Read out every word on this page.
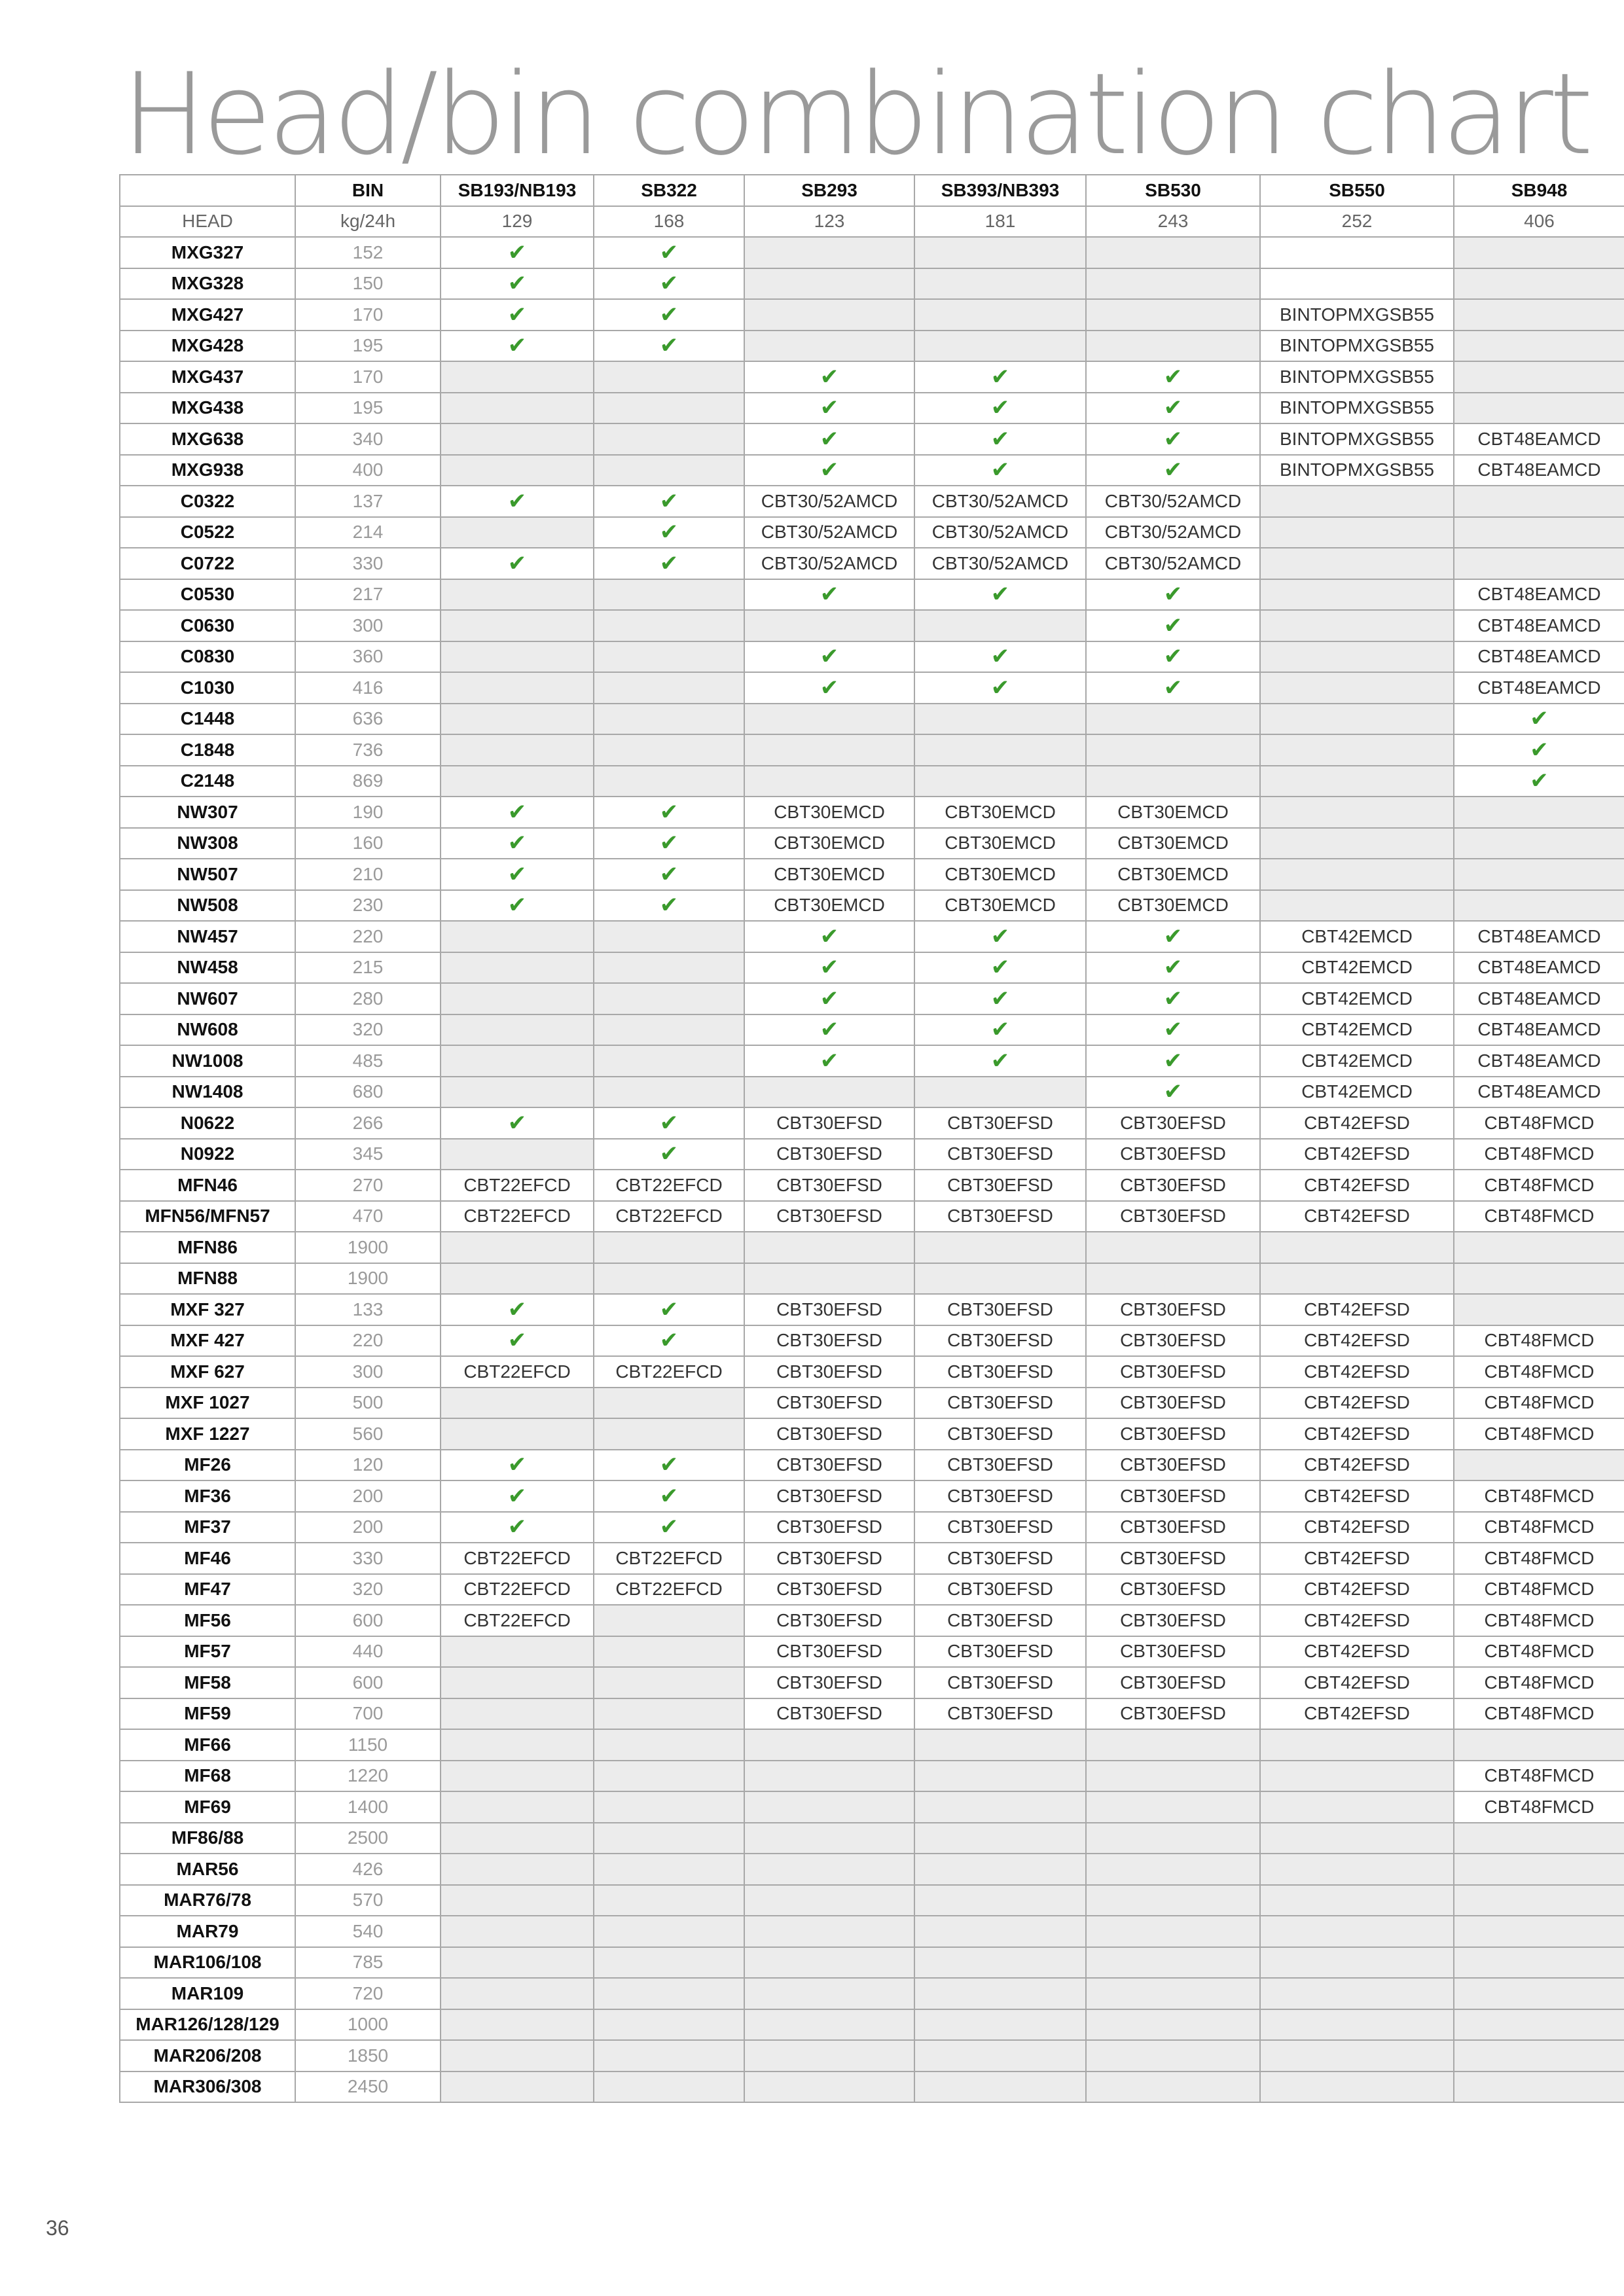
Head/bin combination chart
	BIN	SB193/NB193	SB322	SB293	SB393/NB393	SB530	SB550	SB948
HEAD	kg/24h	129	168	123	181	243	252	406
MXG327	152	✔	✔					
MXG328	150	✔	✔					
MXG427	170	✔	✔				BINTOPMXGSB55	
MXG428	195	✔	✔				BINTOPMXGSB55	
MXG437	170			✔	✔	✔	BINTOPMXGSB55	
MXG438	195			✔	✔	✔	BINTOPMXGSB55	
MXG638	340			✔	✔	✔	BINTOPMXGSB55	CBT48EAMCD
MXG938	400			✔	✔	✔	BINTOPMXGSB55	CBT48EAMCD
C0322	137	✔	✔	CBT30/52AMCD	CBT30/52AMCD	CBT30/52AMCD		
C0522	214		✔	CBT30/52AMCD	CBT30/52AMCD	CBT30/52AMCD		
C0722	330	✔	✔	CBT30/52AMCD	CBT30/52AMCD	CBT30/52AMCD		
C0530	217			✔	✔	✔		CBT48EAMCD
C0630	300					✔		CBT48EAMCD
C0830	360			✔	✔	✔		CBT48EAMCD
C1030	416			✔	✔	✔		CBT48EAMCD
C1448	636							✔
C1848	736							✔
C2148	869							✔
NW307	190	✔	✔	CBT30EMCD	CBT30EMCD	CBT30EMCD		
NW308	160	✔	✔	CBT30EMCD	CBT30EMCD	CBT30EMCD		
NW507	210	✔	✔	CBT30EMCD	CBT30EMCD	CBT30EMCD		
NW508	230	✔	✔	CBT30EMCD	CBT30EMCD	CBT30EMCD		
NW457	220			✔	✔	✔	CBT42EMCD	CBT48EAMCD
NW458	215			✔	✔	✔	CBT42EMCD	CBT48EAMCD
NW607	280			✔	✔	✔	CBT42EMCD	CBT48EAMCD
NW608	320			✔	✔	✔	CBT42EMCD	CBT48EAMCD
NW1008	485			✔	✔	✔	CBT42EMCD	CBT48EAMCD
NW1408	680					✔	CBT42EMCD	CBT48EAMCD
N0622	266	✔	✔	CBT30EFSD	CBT30EFSD	CBT30EFSD	CBT42EFSD	CBT48FMCD
N0922	345		✔	CBT30EFSD	CBT30EFSD	CBT30EFSD	CBT42EFSD	CBT48FMCD
MFN46	270	CBT22EFCD	CBT22EFCD	CBT30EFSD	CBT30EFSD	CBT30EFSD	CBT42EFSD	CBT48FMCD
MFN56/MFN57	470	CBT22EFCD	CBT22EFCD	CBT30EFSD	CBT30EFSD	CBT30EFSD	CBT42EFSD	CBT48FMCD
MFN86	1900							
MFN88	1900							
MXF 327	133	✔	✔	CBT30EFSD	CBT30EFSD	CBT30EFSD	CBT42EFSD	
MXF 427	220	✔	✔	CBT30EFSD	CBT30EFSD	CBT30EFSD	CBT42EFSD	CBT48FMCD
MXF 627	300	CBT22EFCD	CBT22EFCD	CBT30EFSD	CBT30EFSD	CBT30EFSD	CBT42EFSD	CBT48FMCD
MXF 1027	500			CBT30EFSD	CBT30EFSD	CBT30EFSD	CBT42EFSD	CBT48FMCD
MXF 1227	560			CBT30EFSD	CBT30EFSD	CBT30EFSD	CBT42EFSD	CBT48FMCD
MF26	120	✔	✔	CBT30EFSD	CBT30EFSD	CBT30EFSD	CBT42EFSD	
MF36	200	✔	✔	CBT30EFSD	CBT30EFSD	CBT30EFSD	CBT42EFSD	CBT48FMCD
MF37	200	✔	✔	CBT30EFSD	CBT30EFSD	CBT30EFSD	CBT42EFSD	CBT48FMCD
MF46	330	CBT22EFCD	CBT22EFCD	CBT30EFSD	CBT30EFSD	CBT30EFSD	CBT42EFSD	CBT48FMCD
MF47	320	CBT22EFCD	CBT22EFCD	CBT30EFSD	CBT30EFSD	CBT30EFSD	CBT42EFSD	CBT48FMCD
MF56	600	CBT22EFCD		CBT30EFSD	CBT30EFSD	CBT30EFSD	CBT42EFSD	CBT48FMCD
MF57	440			CBT30EFSD	CBT30EFSD	CBT30EFSD	CBT42EFSD	CBT48FMCD
MF58	600			CBT30EFSD	CBT30EFSD	CBT30EFSD	CBT42EFSD	CBT48FMCD
MF59	700			CBT30EFSD	CBT30EFSD	CBT30EFSD	CBT42EFSD	CBT48FMCD
MF66	1150							
MF68	1220							CBT48FMCD
MF69	1400							CBT48FMCD
MF86/88	2500							
MAR56	426							
MAR76/78	570							
MAR79	540							
MAR106/108	785							
MAR109	720							
MAR126/128/129	1000							
MAR206/208	1850							
MAR306/308	2450							
36
